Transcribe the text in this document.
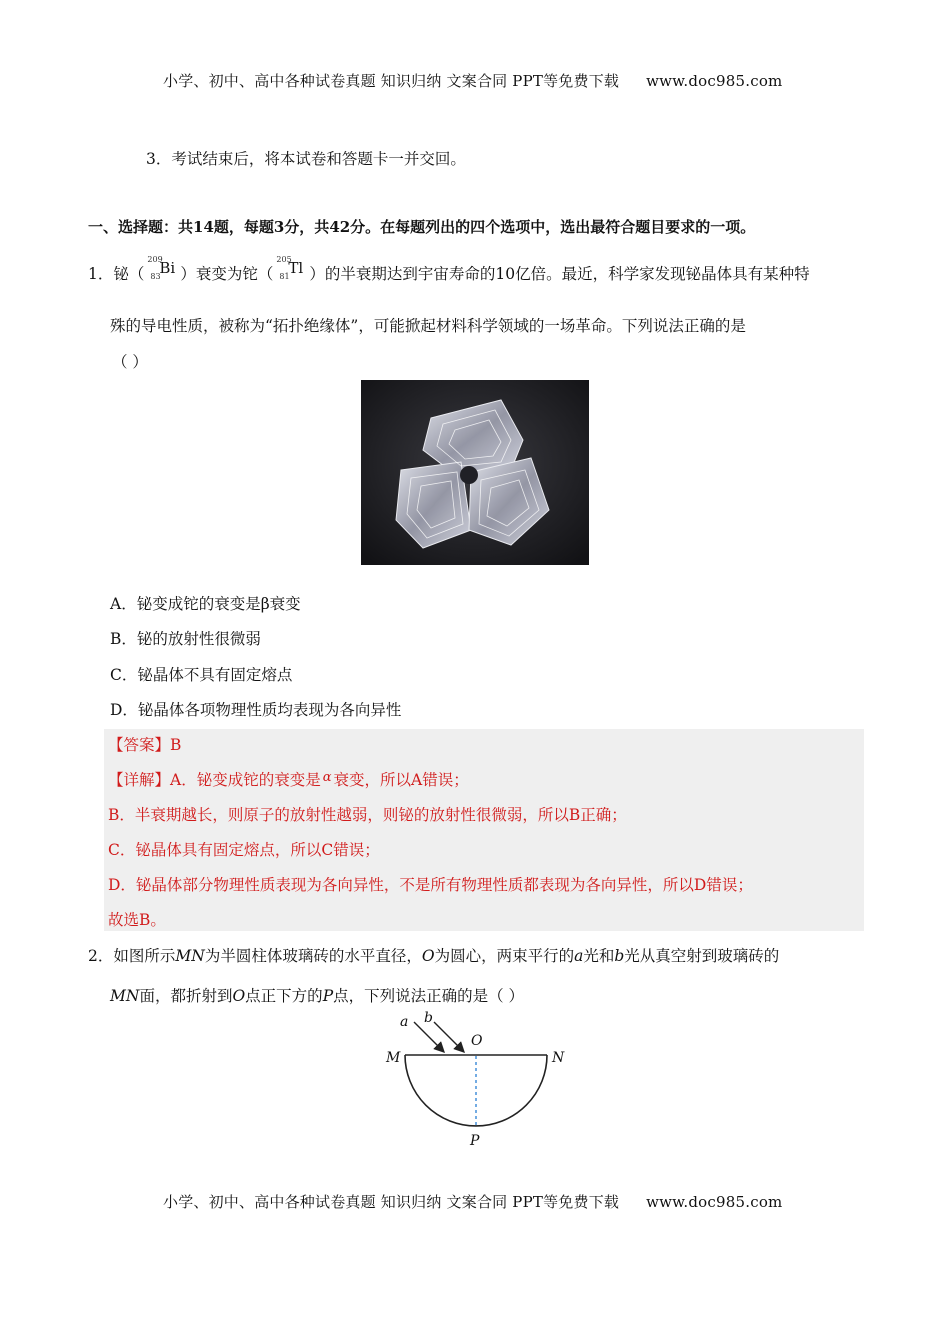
小学、初中、高中各种试卷真题 知识归纳 文案合同 PPT等免费下载 www.doc985.com
3．考试结束后，将本试卷和答题卡一并交回。
一、选择题：共14题，每题3分，共42分。在每题列出的四个选项中，选出最符合题目要求的一项。
1．铋（
209
83
Bi ）衰变为铊（
205
81
Tl ）的半衰期达到宇宙寿命的10亿倍。最近，科学家发现铋晶体具有某种特
殊的导电性质，被称为“拓扑绝缘体”，可能掀起材料科学领域的一场革命。下列说法正确的是
（ ）
A．铋变成铊的衰变是β衰变
B．铋的放射性很微弱
C．铋晶体不具有固定熔点
D．铋晶体各项物理性质均表现为各向异性
【答案】B
【详解】A．铋变成铊的衰变是 $^\alpha$ 衰变，所以A错误；
B．半衰期越长，则原子的放射性越弱，则铋的放射性很微弱，所以B正确；
C．铋晶体具有固定熔点，所以C错误；
D．铋晶体部分物理性质表现为各向异性，不是所有物理性质都表现为各向异性，所以D错误；
故选B。
2．如图所示MN为半圆柱体玻璃砖的水平直径，O为圆心，两束平行的a光和b光从真空射到玻璃砖的
MN面，都折射到O点正下方的P点，下列说法正确的是（ ）
a b
O
M	N
P
小学、初中、高中各种试卷真题 知识归纳 文案合同 PPT等免费下载 www.doc985.com
